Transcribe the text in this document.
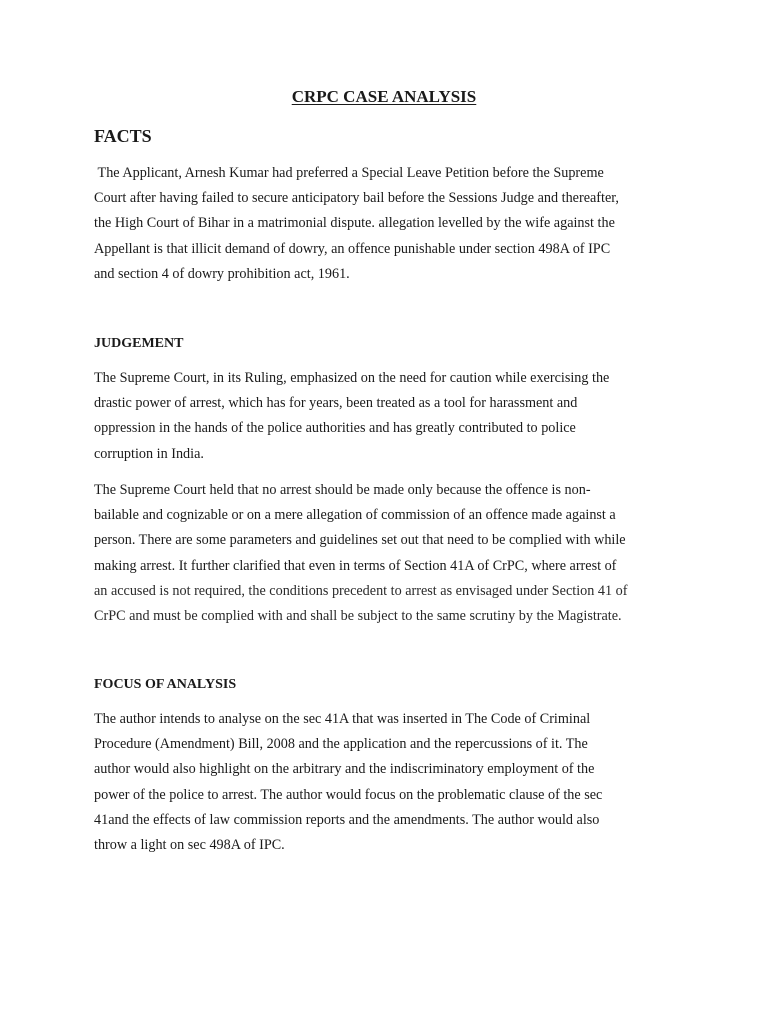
CRPC CASE ANALYSIS
FACTS

The Applicant, Arnesh Kumar had preferred a Special Leave Petition before the Supreme
Court after having failed to secure anticipatory bail before the Sessions Judge and thereafter,
the High Court of Bihar in a matrimonial dispute. allegation levelled by the wife against the
Appellant is that illicit demand of dowry, an offence punishable under section 498A of IPC
and section 4 of dowry prohibition act, 1961.

JUDGEMENT

The Supreme Court, in its Ruling, emphasized on the need for caution while exercising the
drastic power of arrest, which has for years, been treated as a tool for harassment and
oppression in the hands of the police authorities and has greatly contributed to police
corruption in India.

The Supreme Court held that no arrest should be made only because the offence is non-
bailable and cognizable or on a mere allegation of commission of an offence made against a
person. There are some parameters and guidelines set out that need to be complied with while
making arrest. It further clarified that even in terms of Section 41A of CrPC, where arrest of
an accused is not required, the conditions precedent to arrest as envisaged under Section 41 of
CrPC and must be complied with and shall be subject to the same scrutiny by the Magistrate.

FOCUS OF ANALYSIS

The author intends to analyse on the sec 41A that was inserted in The Code of Criminal
Procedure (Amendment) Bill, 2008 and the application and the repercussions of it. The
author would also highlight on the arbitrary and the indiscriminatory employment of the
power of the police to arrest. The author would focus on the problematic clause of the sec
41and the effects of law commission reports and the amendments. The author would also
throw a light on sec 498A of IPC.
